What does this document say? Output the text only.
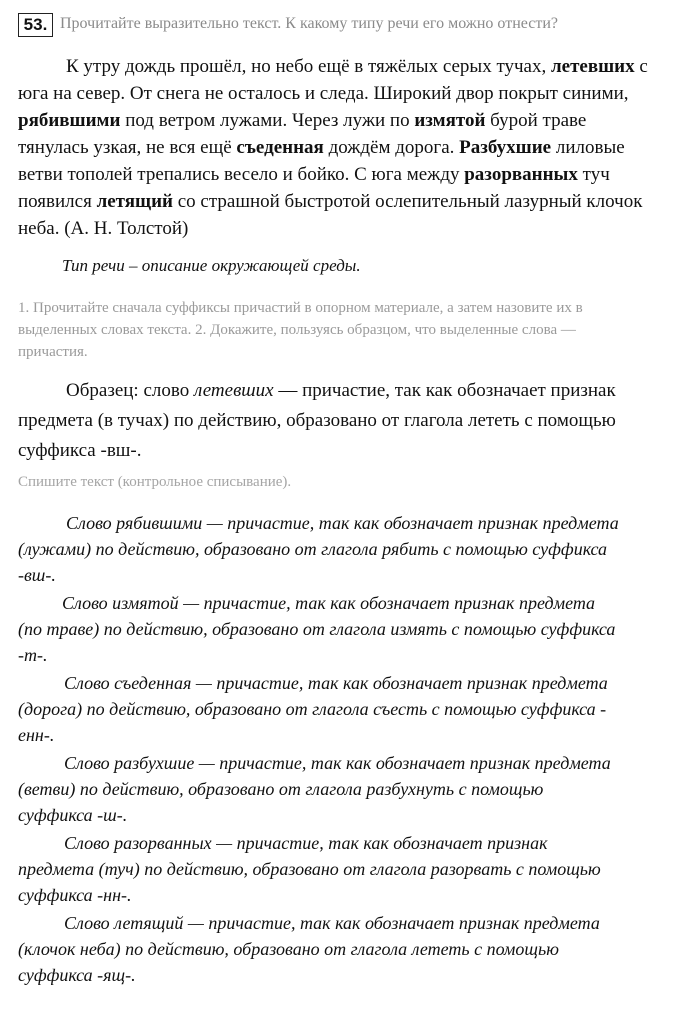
53. Прочитайте выразительно текст. К какому типу речи его можно отнести?
К утру дождь прошёл, но небо ещё в тяжёлых серых тучах, летевших с
юга на север. От снега не осталось и следа. Широкий двор покрыт синими,
рябившими под ветром лужами. Через лужи по измятой бурой траве
тянулась узкая, не вся ещё съеденная дождём дорога. Разбухшие лиловые
ветви тополей трепались весело и бойко. С юга между разорванных туч
появился летящий со страшной быстротой ослепительный лазурный клочок
неба. (А. Н. Толстой)
Тип речи – описание окружающей среды.
1. Прочитайте сначала суффиксы причастий в опорном материале, а затем назовите их в
выделенных словах текста. 2. Докажите, пользуясь образцом, что выделенные слова —
причастия.
Образец: слово летевших — причастие, так как обозначает признак
предмета (в тучах) по действию, образовано от глагола лететь с помощью
суффикса -вш-.
Спишите текст (контрольное списывание).
Слово рябившими — причастие, так как обозначает признак предмета
(лужами) по действию, образовано от глагола рябить с помощью суффикса
-вш-.
Слово измятой — причастие, так как обозначает признак предмета
(по траве) по действию, образовано от глагола измять с помощью суффикса
-т-.
Слово съеденная — причастие, так как обозначает признак предмета
(дорога) по действию, образовано от глагола съесть с помощью суффикса -
енн-.
Слово разбухшие — причастие, так как обозначает признак предмета
(ветви) по действию, образовано от глагола разбухнуть с помощью
суффикса -ш-.
Слово разорванных — причастие, так как обозначает признак
предмета (туч) по действию, образовано от глагола разорвать с помощью
суффикса -нн-.
Слово летящий — причастие, так как обозначает признак предмета
(клочок неба) по действию, образовано от глагола лететь с помощью
суффикса -ящ-.
